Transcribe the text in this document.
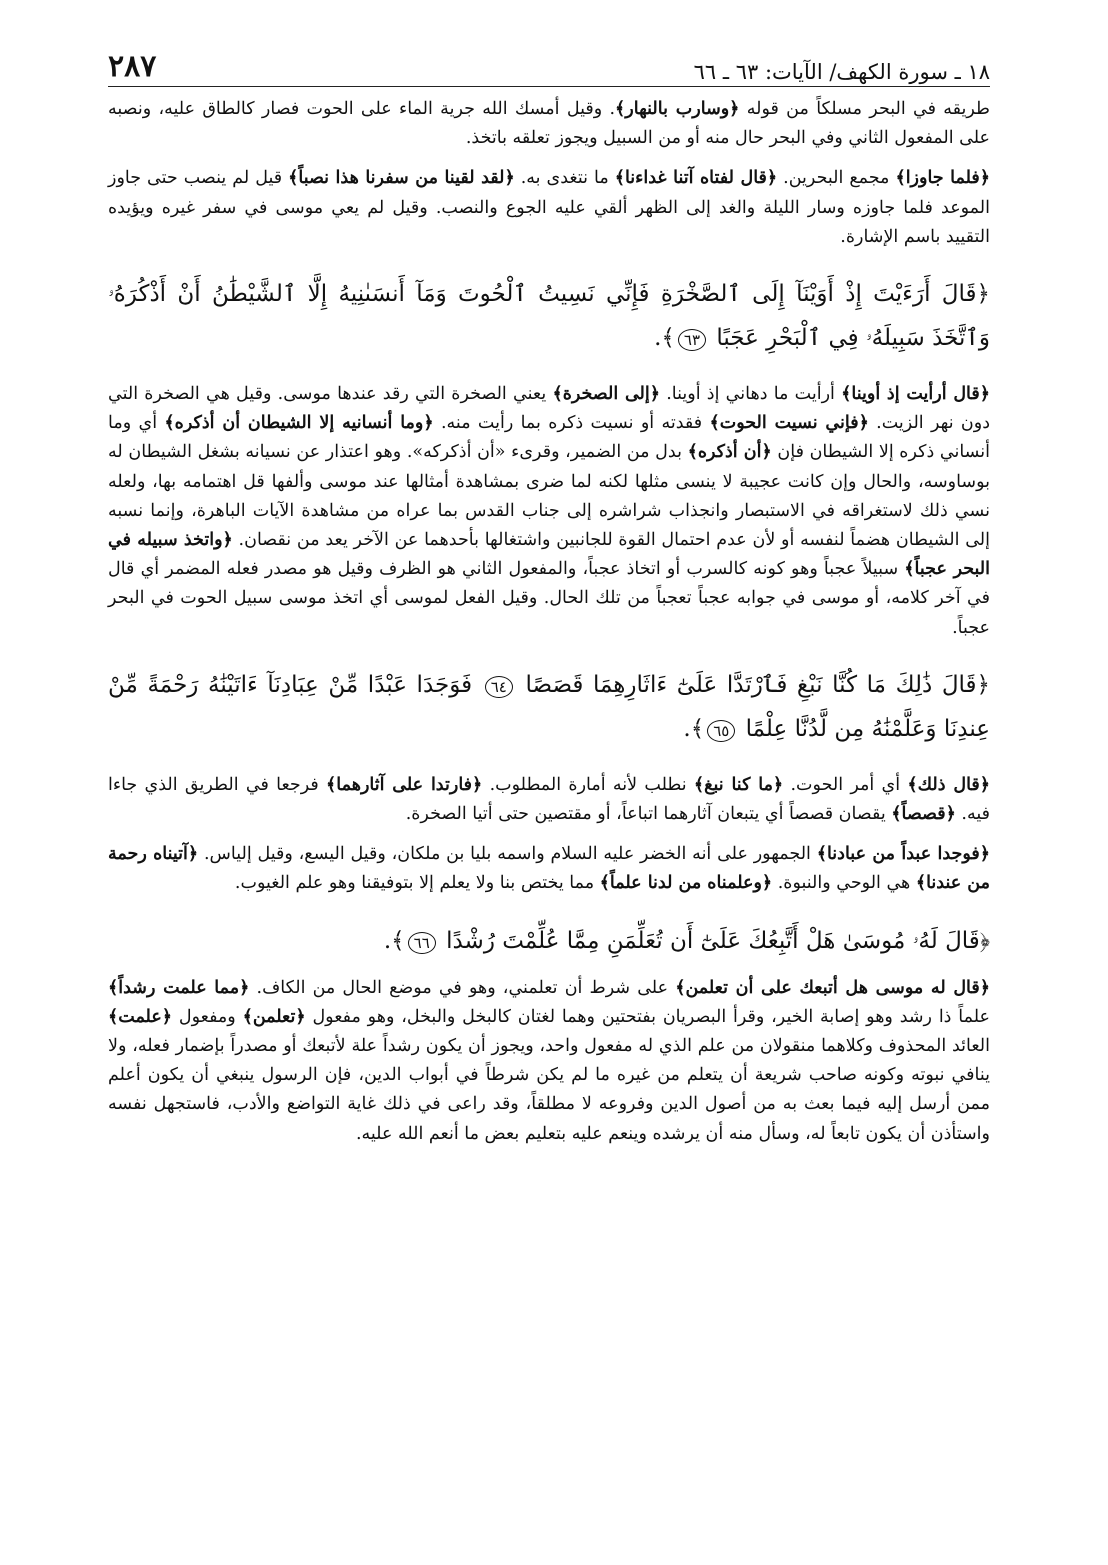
١٨ ـ سورة الكهف/ الآيات: ٦٣ ـ ٦٦
٢٨٧

طريقه في البحر مسلكاً من قوله ﴿وسارب بالنهار﴾. وقيل أمسك الله جرية الماء على الحوت فصار كالطاق عليه، ونصبه على المفعول الثاني وفي البحر حال منه أو من السبيل ويجوز تعلقه باتخذ.

﴿فلما جاوزا﴾ مجمع البحرين. ﴿قال لفتاه آتنا غداءنا﴾ ما نتغدى به. ﴿لقد لقينا من سفرنا هذا نصباً﴾ قيل لم ينصب حتى جاوز الموعد فلما جاوزه وسار الليلة والغد إلى الظهر ألقي عليه الجوع والنصب. وقيل لم يعي موسى في سفر غيره ويؤيده التقييد باسم الإشارة.

﴿قَالَ أَرَءَيْتَ إِذْ أَوَيْنَآ إِلَى ٱلصَّخْرَةِ فَإِنِّي نَسِيتُ ٱلْحُوتَ وَمَآ أَنسَىٰنِيهُ إِلَّا ٱلشَّيْطَٰنُ أَنْ أَذْكُرَهُۥ وَٱتَّخَذَ سَبِيلَهُۥ فِي ٱلْبَحْرِ عَجَبًا ٦٣﴾.

﴿قال أرأيت إذ أوينا﴾ أرأيت ما دهاني إذ أوينا. ﴿إلى الصخرة﴾ يعني الصخرة التي رقد عندها موسى. وقيل هي الصخرة التي دون نهر الزيت. ﴿فإني نسيت الحوت﴾ فقدته أو نسيت ذكره بما رأيت منه. ﴿وما أنسانيه إلا الشيطان أن أذكره﴾ أي وما أنساني ذكره إلا الشيطان فإن ﴿أن أذكره﴾ بدل من الضمير، وقرىء «أن أذكركه». وهو اعتذار عن نسيانه بشغل الشيطان له بوساوسه، والحال وإن كانت عجيبة لا ينسى مثلها لكنه لما ضرى بمشاهدة أمثالها عند موسى وألفها قل اهتمامه بها، ولعله نسي ذلك لاستغراقه في الاستبصار وانجذاب شراشره إلى جناب القدس بما عراه من مشاهدة الآيات الباهرة، وإنما نسبه إلى الشيطان هضماً لنفسه أو لأن عدم احتمال القوة للجانبين واشتغالها بأحدهما عن الآخر يعد من نقصان. ﴿واتخذ سبيله في البحر عجباً﴾ سبيلاً عجباً وهو كونه كالسرب أو اتخاذ عجباً، والمفعول الثاني هو الظرف وقيل هو مصدر فعله المضمر أي قال في آخر كلامه، أو موسى في جوابه عجباً تعجباً من تلك الحال. وقيل الفعل لموسى أي اتخذ موسى سبيل الحوت في البحر عجباً.

﴿قَالَ ذَٰلِكَ مَا كُنَّا نَبْغِ فَٱرْتَدَّا عَلَىٰٓ ءَاثَارِهِمَا قَصَصًا ٦٤ فَوَجَدَا عَبْدًا مِّنْ عِبَادِنَآ ءَاتَيْنَٰهُ رَحْمَةً مِّنْ عِندِنَا وَعَلَّمْنَٰهُ مِن لَّدُنَّا عِلْمًا ٦٥﴾.

﴿قال ذلك﴾ أي أمر الحوت. ﴿ما كنا نبغ﴾ نطلب لأنه أمارة المطلوب. ﴿فارتدا على آثارهما﴾ فرجعا في الطريق الذي جاءا فيه. ﴿قصصاً﴾ يقصان قصصاً أي يتبعان آثارهما اتباعاً، أو مقتصين حتى أتيا الصخرة.

﴿فوجدا عبداً من عبادنا﴾ الجمهور على أنه الخضر عليه السلام واسمه بليا بن ملكان، وقيل اليسع، وقيل إلياس. ﴿آتيناه رحمة من عندنا﴾ هي الوحي والنبوة. ﴿وعلمناه من لدنا علماً﴾ مما يختص بنا ولا يعلم إلا بتوفيقنا وهو علم الغيوب.

﴿قَالَ لَهُۥ مُوسَىٰ هَلْ أَتَّبِعُكَ عَلَىٰٓ أَن تُعَلِّمَنِ مِمَّا عُلِّمْتَ رُشْدًا ٦٦﴾.

﴿قال له موسى هل أتبعك على أن تعلمن﴾ على شرط أن تعلمني، وهو في موضع الحال من الكاف. ﴿مما علمت رشداً﴾ علماً ذا رشد وهو إصابة الخير، وقرأ البصريان بفتحتين وهما لغتان كالبخل والبخل، وهو مفعول ﴿تعلمن﴾ ومفعول ﴿علمت﴾ العائد المحذوف وكلاهما منقولان من علم الذي له مفعول واحد، ويجوز أن يكون رشداً علة لأتبعك أو مصدراً بإضمار فعله، ولا ينافي نبوته وكونه صاحب شريعة أن يتعلم من غيره ما لم يكن شرطاً في أبواب الدين، فإن الرسول ينبغي أن يكون أعلم ممن أرسل إليه فيما بعث به من أصول الدين وفروعه لا مطلقاً، وقد راعى في ذلك غاية التواضع والأدب، فاستجهل نفسه واستأذن أن يكون تابعاً له، وسأل منه أن يرشده وينعم عليه بتعليم بعض ما أنعم الله عليه.
